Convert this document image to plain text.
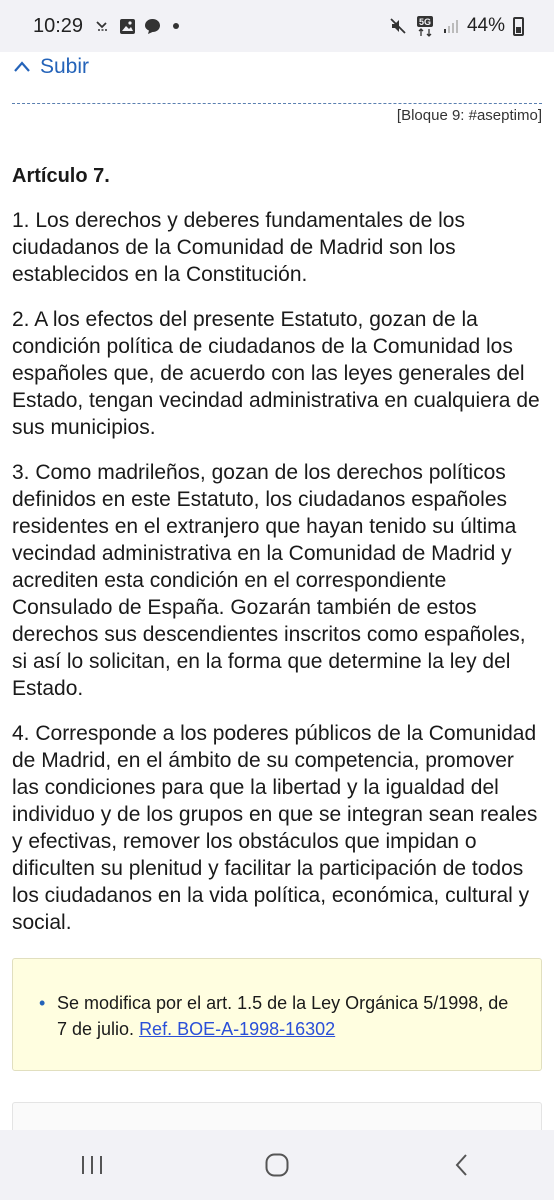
10:29	5G 44%
Subir
[Bloque 9: #aseptimo]
Artículo 7.

1. Los derechos y deberes fundamentales de los ciudadanos de la Comunidad de Madrid son los establecidos en la Constitución.

2. A los efectos del presente Estatuto, gozan de la condición política de ciudadanos de la Comunidad los españoles que, de acuerdo con las leyes generales del Estado, tengan vecindad administrativa en cualquiera de sus municipios.

3. Como madrileños, gozan de los derechos políticos definidos en este Estatuto, los ciudadanos españoles residentes en el extranjero que hayan tenido su última vecindad administrativa en la Comunidad de Madrid y acrediten esta condición en el correspondiente Consulado de España. Gozarán también de estos derechos sus descendientes inscritos como españoles, si así lo solicitan, en la forma que determine la ley del Estado.

4. Corresponde a los poderes públicos de la Comunidad de Madrid, en el ámbito de su competencia, promover las condiciones para que la libertad y la igualdad del individuo y de los grupos en que se integran sean reales y efectivas, remover los obstáculos que impidan o dificulten su plenitud y facilitar la participación de todos los ciudadanos en la vida política, económica, cultural y social.

• Se modifica por el art. 1.5 de la Ley Orgánica 5/1998, de 7 de julio. Ref. BOE-A-1998-16302
